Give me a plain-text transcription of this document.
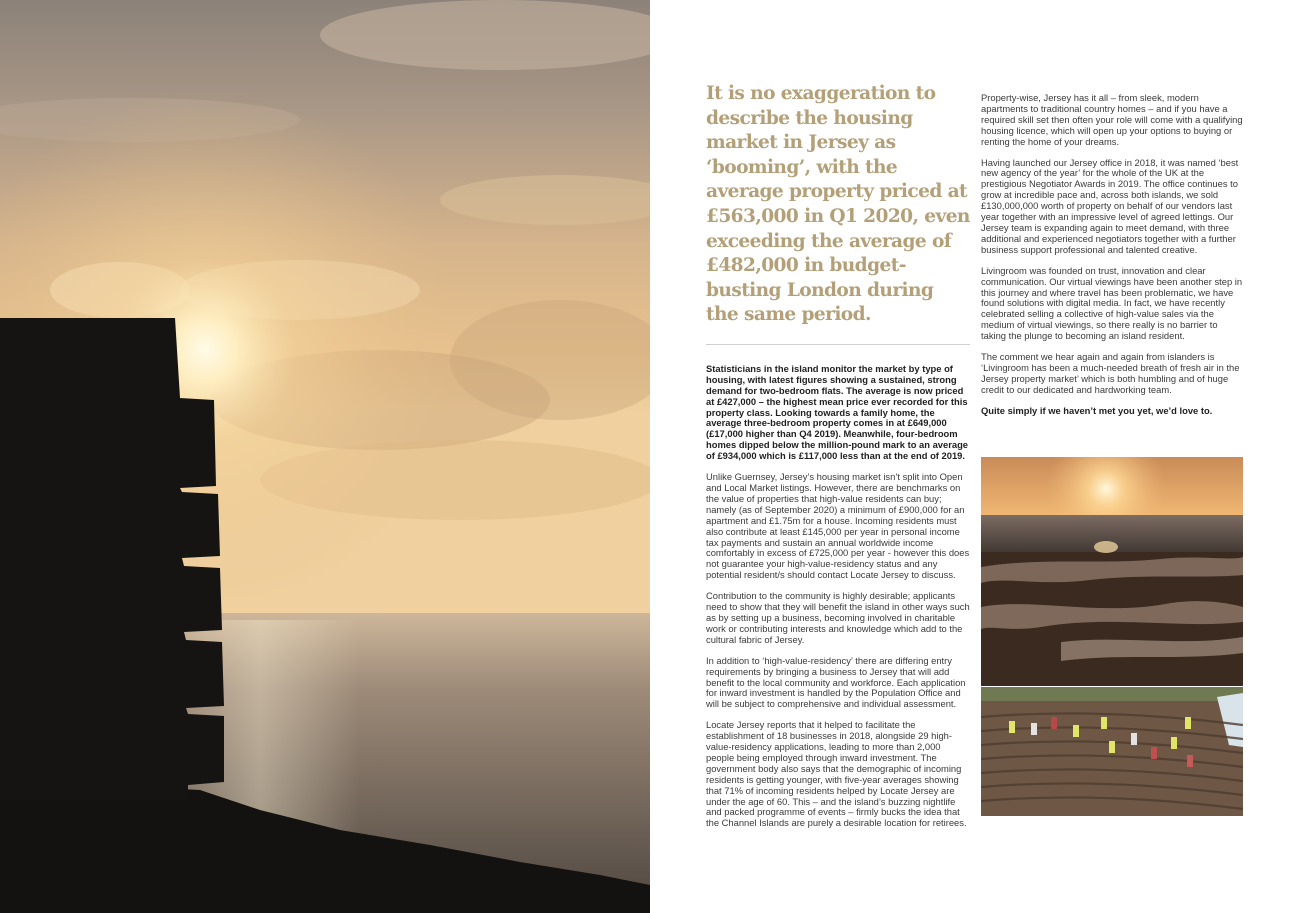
It is no exaggeration to describe the housing market in Jersey as ‘booming’, with the average property priced at £563,000 in Q1 2020, even exceeding the average of £482,000 in budget-busting London during the same period.

Statisticians in the island monitor the market by type of housing, with latest figures showing a sustained, strong demand for two-bedroom flats. The average is now priced at £427,000 – the highest mean price ever recorded for this property class. Looking towards a family home, the average three-bedroom property comes in at £649,000 (£17,000 higher than Q4 2019). Meanwhile, four-bedroom homes dipped below the million-pound mark to an average of £934,000 which is £117,000 less than at the end of 2019.

Unlike Guernsey, Jersey’s housing market isn’t split into Open and Local Market listings. However, there are benchmarks on the value of properties that high-value residents can buy; namely (as of September 2020) a minimum of £900,000 for an apartment and £1.75m for a house. Incoming residents must also contribute at least £145,000 per year in personal income tax payments and sustain an annual worldwide income comfortably in excess of £725,000 per year - however this does not guarantee your high-value-residency status and any potential resident/s should contact Locate Jersey to discuss.

Contribution to the community is highly desirable; applicants need to show that they will benefit the island in other ways such as by setting up a business, becoming involved in charitable work or contributing interests and knowledge which add to the cultural fabric of Jersey.

In addition to ‘high-value-residency’ there are differing entry requirements by bringing a business to Jersey that will add benefit to the local community and workforce. Each application for inward investment is handled by the Population Office and will be subject to comprehensive and individual assessment.

Locate Jersey reports that it helped to facilitate the establishment of 18 businesses in 2018, alongside 29 high-value-residency applications, leading to more than 2,000 people being employed through inward investment. The government body also says that the demographic of incoming residents is getting younger, with five-year averages showing that 71% of incoming residents helped by Locate Jersey are under the age of 60. This – and the island’s buzzing nightlife and packed programme of events – firmly bucks the idea that the Channel Islands are purely a desirable location for retirees.

Property-wise, Jersey has it all – from sleek, modern apartments to traditional country homes – and if you have a required skill set then often your role will come with a qualifying housing licence, which will open up your options to buying or renting the home of your dreams.

Having launched our Jersey office in 2018, it was named ‘best new agency of the year’ for the whole of the UK at the prestigious Negotiator Awards in 2019. The office continues to grow at incredible pace and, across both islands, we sold £130,000,000 worth of property on behalf of our vendors last year together with an impressive level of agreed lettings. Our Jersey team is expanding again to meet demand, with three additional and experienced negotiators together with a further business support professional and talented creative.

Livingroom was founded on trust, innovation and clear communication. Our virtual viewings have been another step in this journey and where travel has been problematic, we have found solutions with digital media. In fact, we have recently celebrated selling a collective of high-value sales via the medium of virtual viewings, so there really is no barrier to taking the plunge to becoming an island resident.

The comment we hear again and again from islanders is ‘Livingroom has been a much-needed breath of fresh air in the Jersey property market’ which is both humbling and of huge credit to our dedicated and hardworking team.

Quite simply if we haven’t met you yet, we’d love to.
